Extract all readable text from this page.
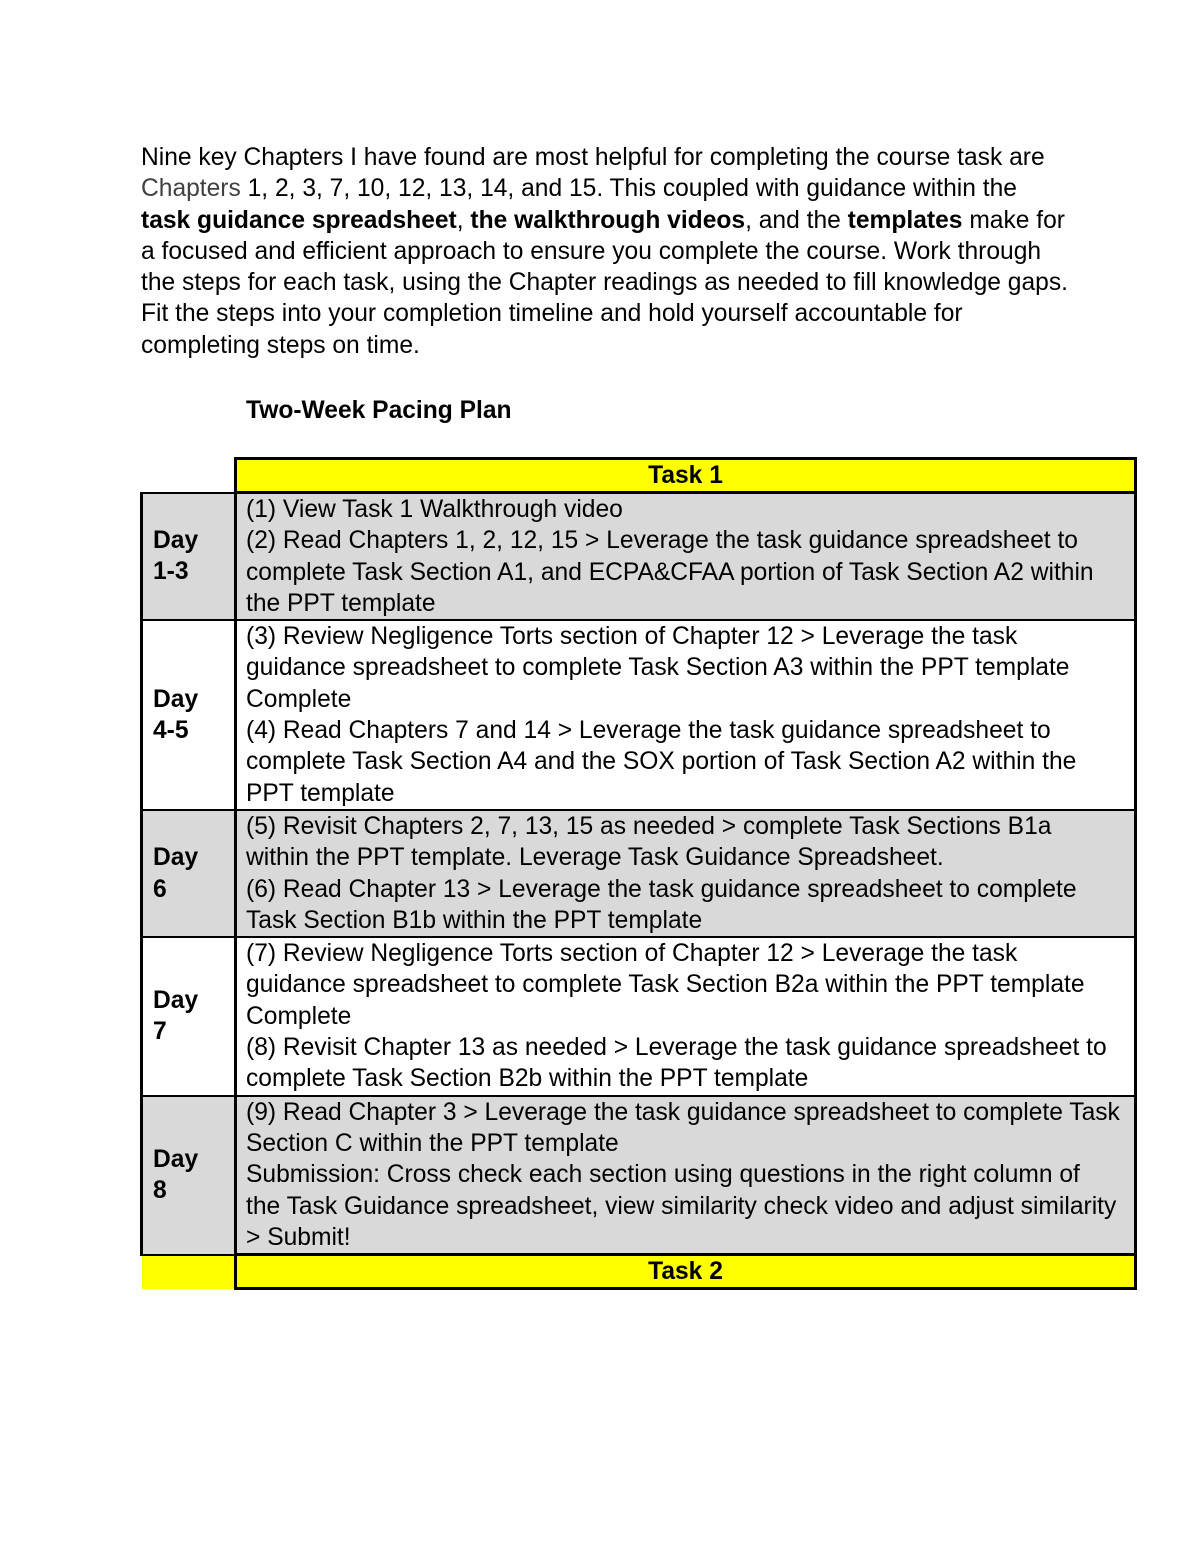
Nine key Chapters I have found are most helpful for completing the course task are Chapters 1, 2, 3, 7, 10, 12, 13, 14, and 15. This coupled with guidance within the task guidance spreadsheet, the walkthrough videos, and the templates make for a focused and efficient approach to ensure you complete the course. Work through the steps for each task, using the Chapter readings as needed to fill knowledge gaps. Fit the steps into your completion timeline and hold yourself accountable for completing steps on time.

Two-Week Pacing Plan

	Task 1

Day
1-3	(1) View Task 1 Walkthrough video
(2) Read Chapters 1, 2, 12, 15 > Leverage the task guidance spreadsheet to complete Task Section A1, and ECPA&CFAA portion of Task Section A2 within the PPT template

Day
4-5	(3) Review Negligence Torts section of Chapter 12 > Leverage the task guidance spreadsheet to complete Task Section A3 within the PPT template Complete
(4) Read Chapters 7 and 14 > Leverage the task guidance spreadsheet to complete Task Section A4 and the SOX portion of Task Section A2 within the PPT template

Day
6	(5) Revisit Chapters 2, 7, 13, 15 as needed > complete Task Sections B1a within the PPT template. Leverage Task Guidance Spreadsheet.
(6) Read Chapter 13 > Leverage the task guidance spreadsheet to complete Task Section B1b within the PPT template

Day
7	(7) Review Negligence Torts section of Chapter 12 > Leverage the task guidance spreadsheet to complete Task Section B2a within the PPT template Complete
(8) Revisit Chapter 13 as needed > Leverage the task guidance spreadsheet to complete Task Section B2b within the PPT template

Day
8	(9) Read Chapter 3 > Leverage the task guidance spreadsheet to complete Task Section C within the PPT template
Submission: Cross check each section using questions in the right column of the Task Guidance spreadsheet, view similarity check video and adjust similarity > Submit!

	Task 2
